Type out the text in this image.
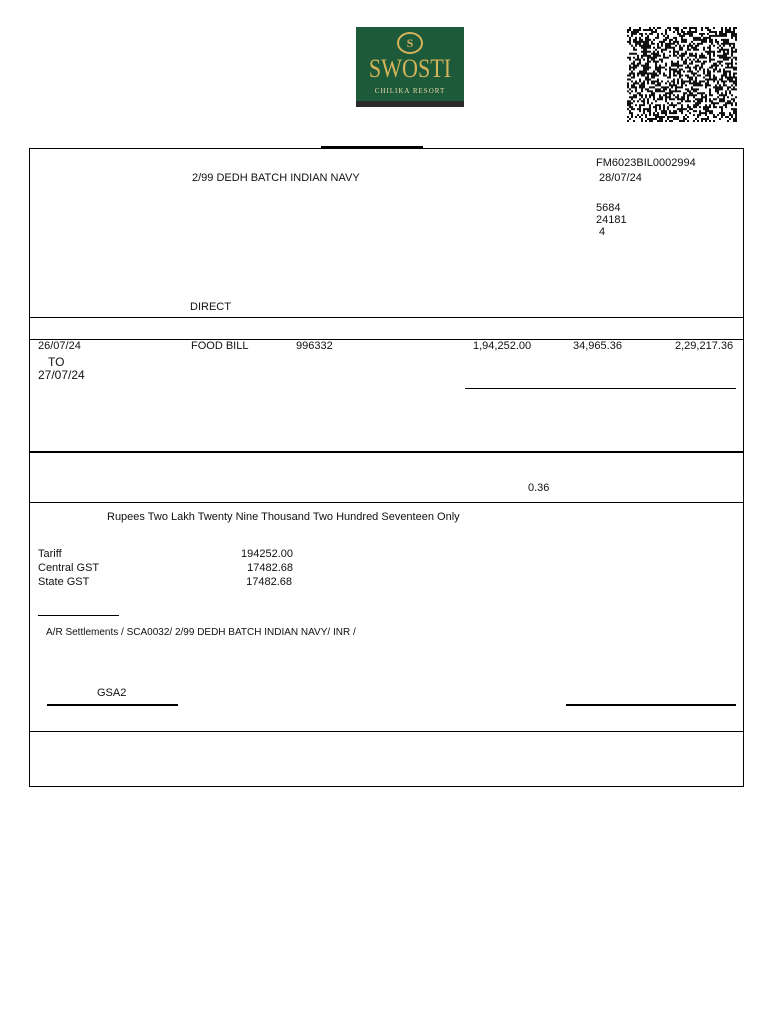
S
SWOSTI
CHILIKA RESORT
2/99 DEDH BATCH INDIAN NAVY
FM6023BIL0002994
28/07/24
5684
24181
4
DIRECT
26/07/24
TO
27/07/24
FOOD BILL	996332	1,94,252.00	34,965.36	2,29,217.36
0.36
Rupees Two Lakh Twenty Nine Thousand Two Hundred Seventeen Only
Tariff	194252.00
Central GST	17482.68
State GST	17482.68
A/R Settlements / SCA0032/ 2/99 DEDH BATCH INDIAN NAVY/ INR /
GSA2
